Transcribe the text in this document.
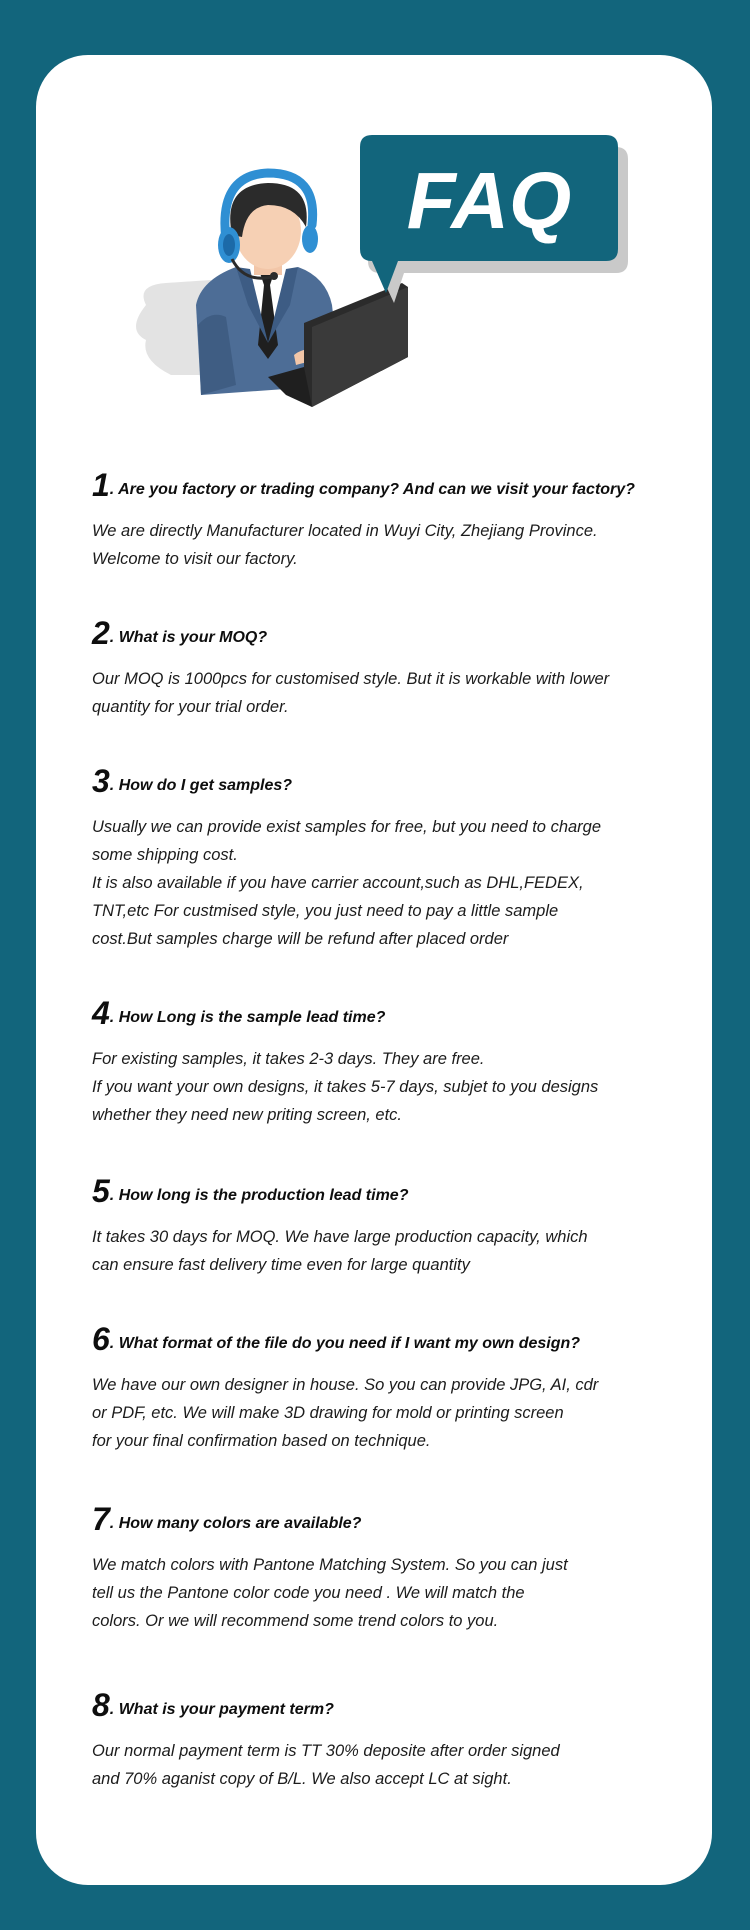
FAQ
1. Are you factory or trading company? And can we visit your factory?

We are directly Manufacturer located in Wuyi City, Zhejiang Province.
Welcome to visit our factory.

2. What is your MOQ?

Our MOQ is 1000pcs for customised style. But it is workable with lower
quantity for your trial order.

3. How do I get samples?

Usually we can provide exist samples for free, but you need to charge
some shipping cost.
It is also available if you have carrier account,such as DHL,FEDEX,
TNT,etc For custmised style, you just need to pay a little sample
cost.But samples charge will be refund after placed order

4. How Long is the sample lead time?

For existing samples, it takes 2-3 days. They are free.
If you want your own designs, it takes 5-7 days, subjet to you designs
whether they need new priting screen, etc.

5. How long is the production lead time?

It takes 30 days for MOQ. We have large production capacity, which
can ensure fast delivery time even for large quantity

6. What format of the file do you need if I want my own design?

We have our own designer in house. So you can provide JPG, AI, cdr
or PDF, etc. We will make 3D drawing for mold or printing screen
for your final confirmation based on technique.

7. How many colors are available?

We match colors with Pantone Matching System. So you can just
tell us the Pantone color code you need . We will match the
colors. Or we will recommend some trend colors to you.

8. What is your payment term?

Our normal payment term is TT 30% deposite after order signed
and 70% aganist copy of B/L. We also accept LC at sight.
